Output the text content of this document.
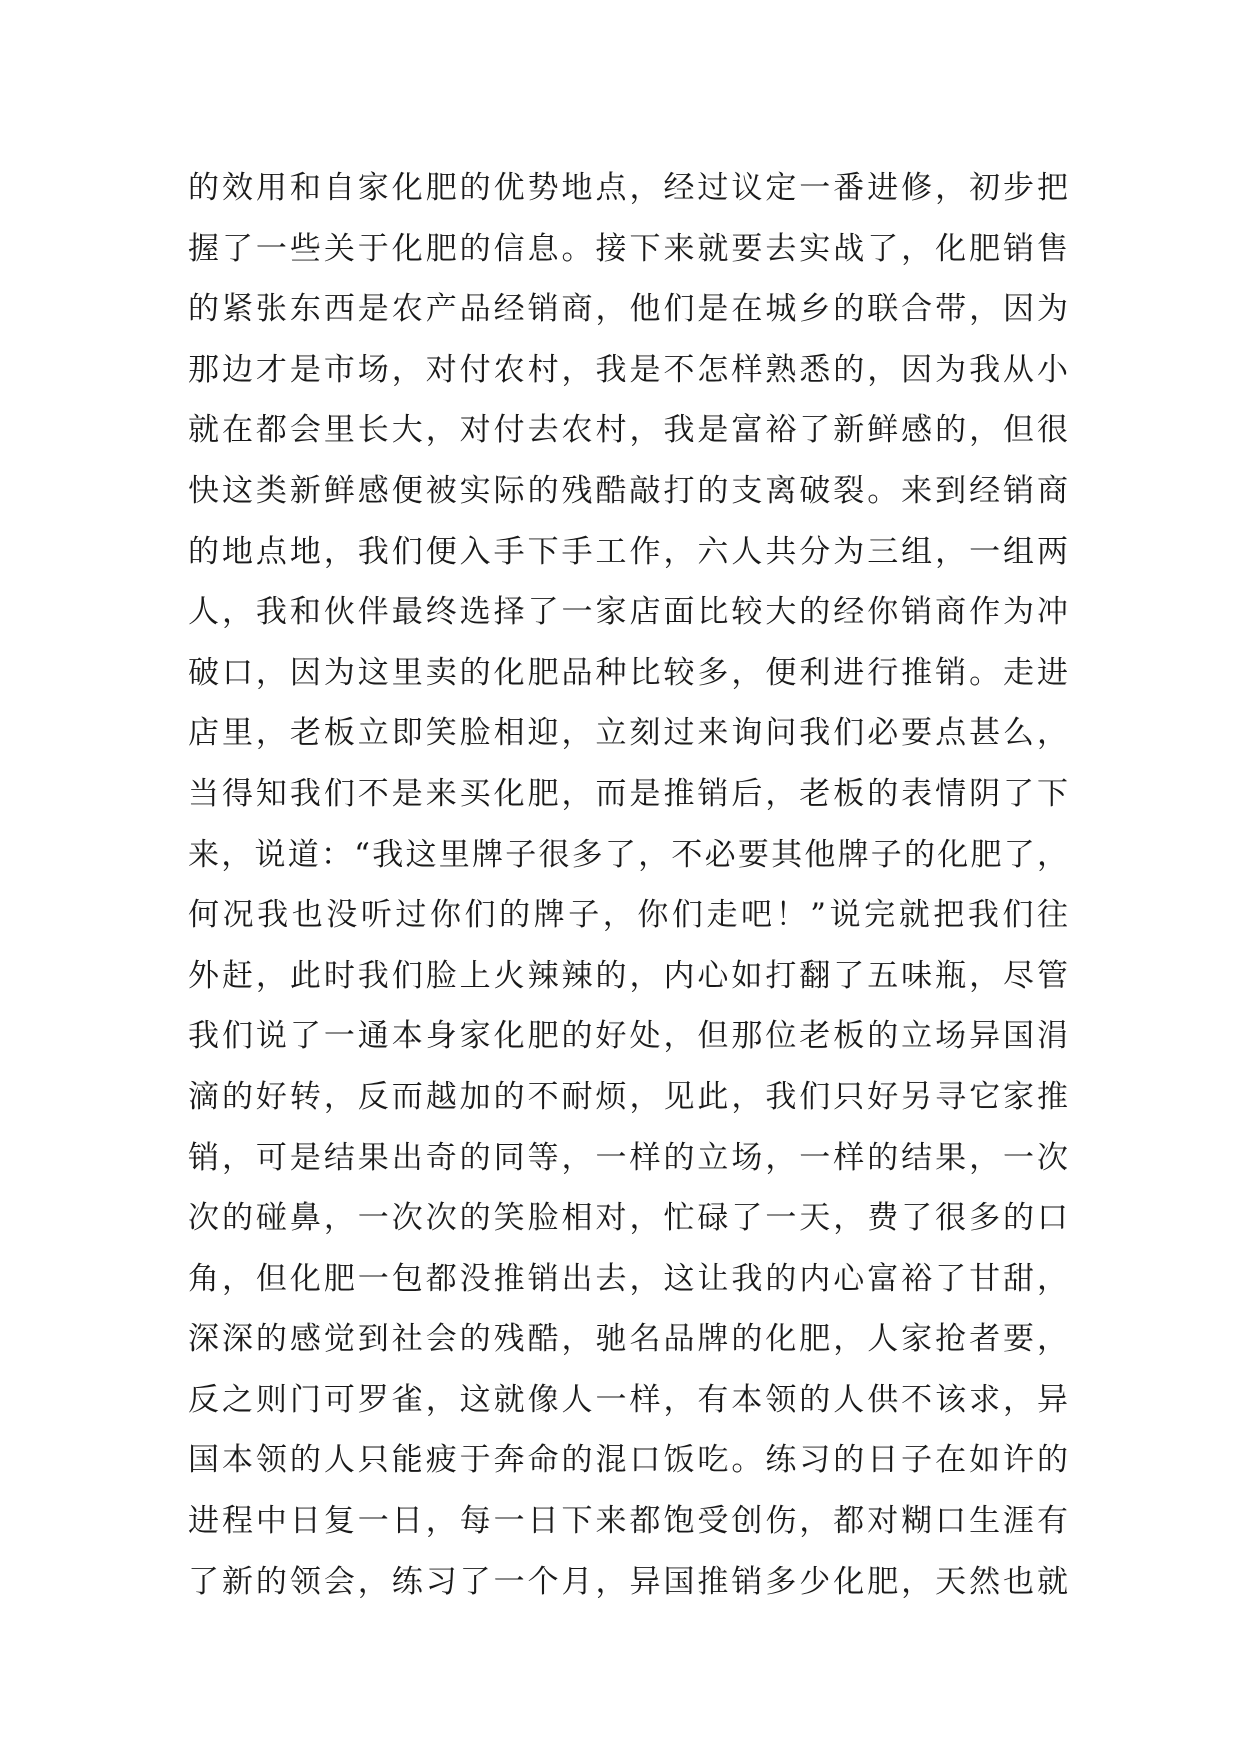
的效用和自家化肥的优势地点，经过议定一番进修，初步把
握了一些关于化肥的信息。接下来就要去实战了，化肥销售
的紧张东西是农产品经销商，他们是在城乡的联合带，因为
那边才是市场，对付农村，我是不怎样熟悉的，因为我从小
就在都会里长大，对付去农村，我是富裕了新鲜感的，但很
快这类新鲜感便被实际的残酷敲打的支离破裂。来到经销商
的地点地，我们便入手下手工作，六人共分为三组，一组两
人，我和伙伴最终选择了一家店面比较大的经你销商作为冲
破口，因为这里卖的化肥品种比较多，便利进行推销。走进
店里，老板立即笑脸相迎，立刻过来询问我们必要点甚么，
当得知我们不是来买化肥，而是推销后，老板的表情阴了下
来，说道：“我这里牌子很多了，不必要其他牌子的化肥了，
何况我也没听过你们的牌子，你们走吧！”说完就把我们往
外赶，此时我们脸上火辣辣的，内心如打翻了五味瓶，尽管
我们说了一通本身家化肥的好处，但那位老板的立场异国涓
滴的好转，反而越加的不耐烦，见此，我们只好另寻它家推
销，可是结果出奇的同等，一样的立场，一样的结果，一次
次的碰鼻，一次次的笑脸相对，忙碌了一天，费了很多的口
角，但化肥一包都没推销出去，这让我的内心富裕了甘甜，
深深的感觉到社会的残酷，驰名品牌的化肥，人家抢者要，
反之则门可罗雀，这就像人一样，有本领的人供不该求，异
国本领的人只能疲于奔命的混口饭吃。练习的日子在如许的
进程中日复一日，每一日下来都饱受创伤，都对糊口生涯有
了新的领会，练习了一个月，异国推销多少化肥，天然也就
